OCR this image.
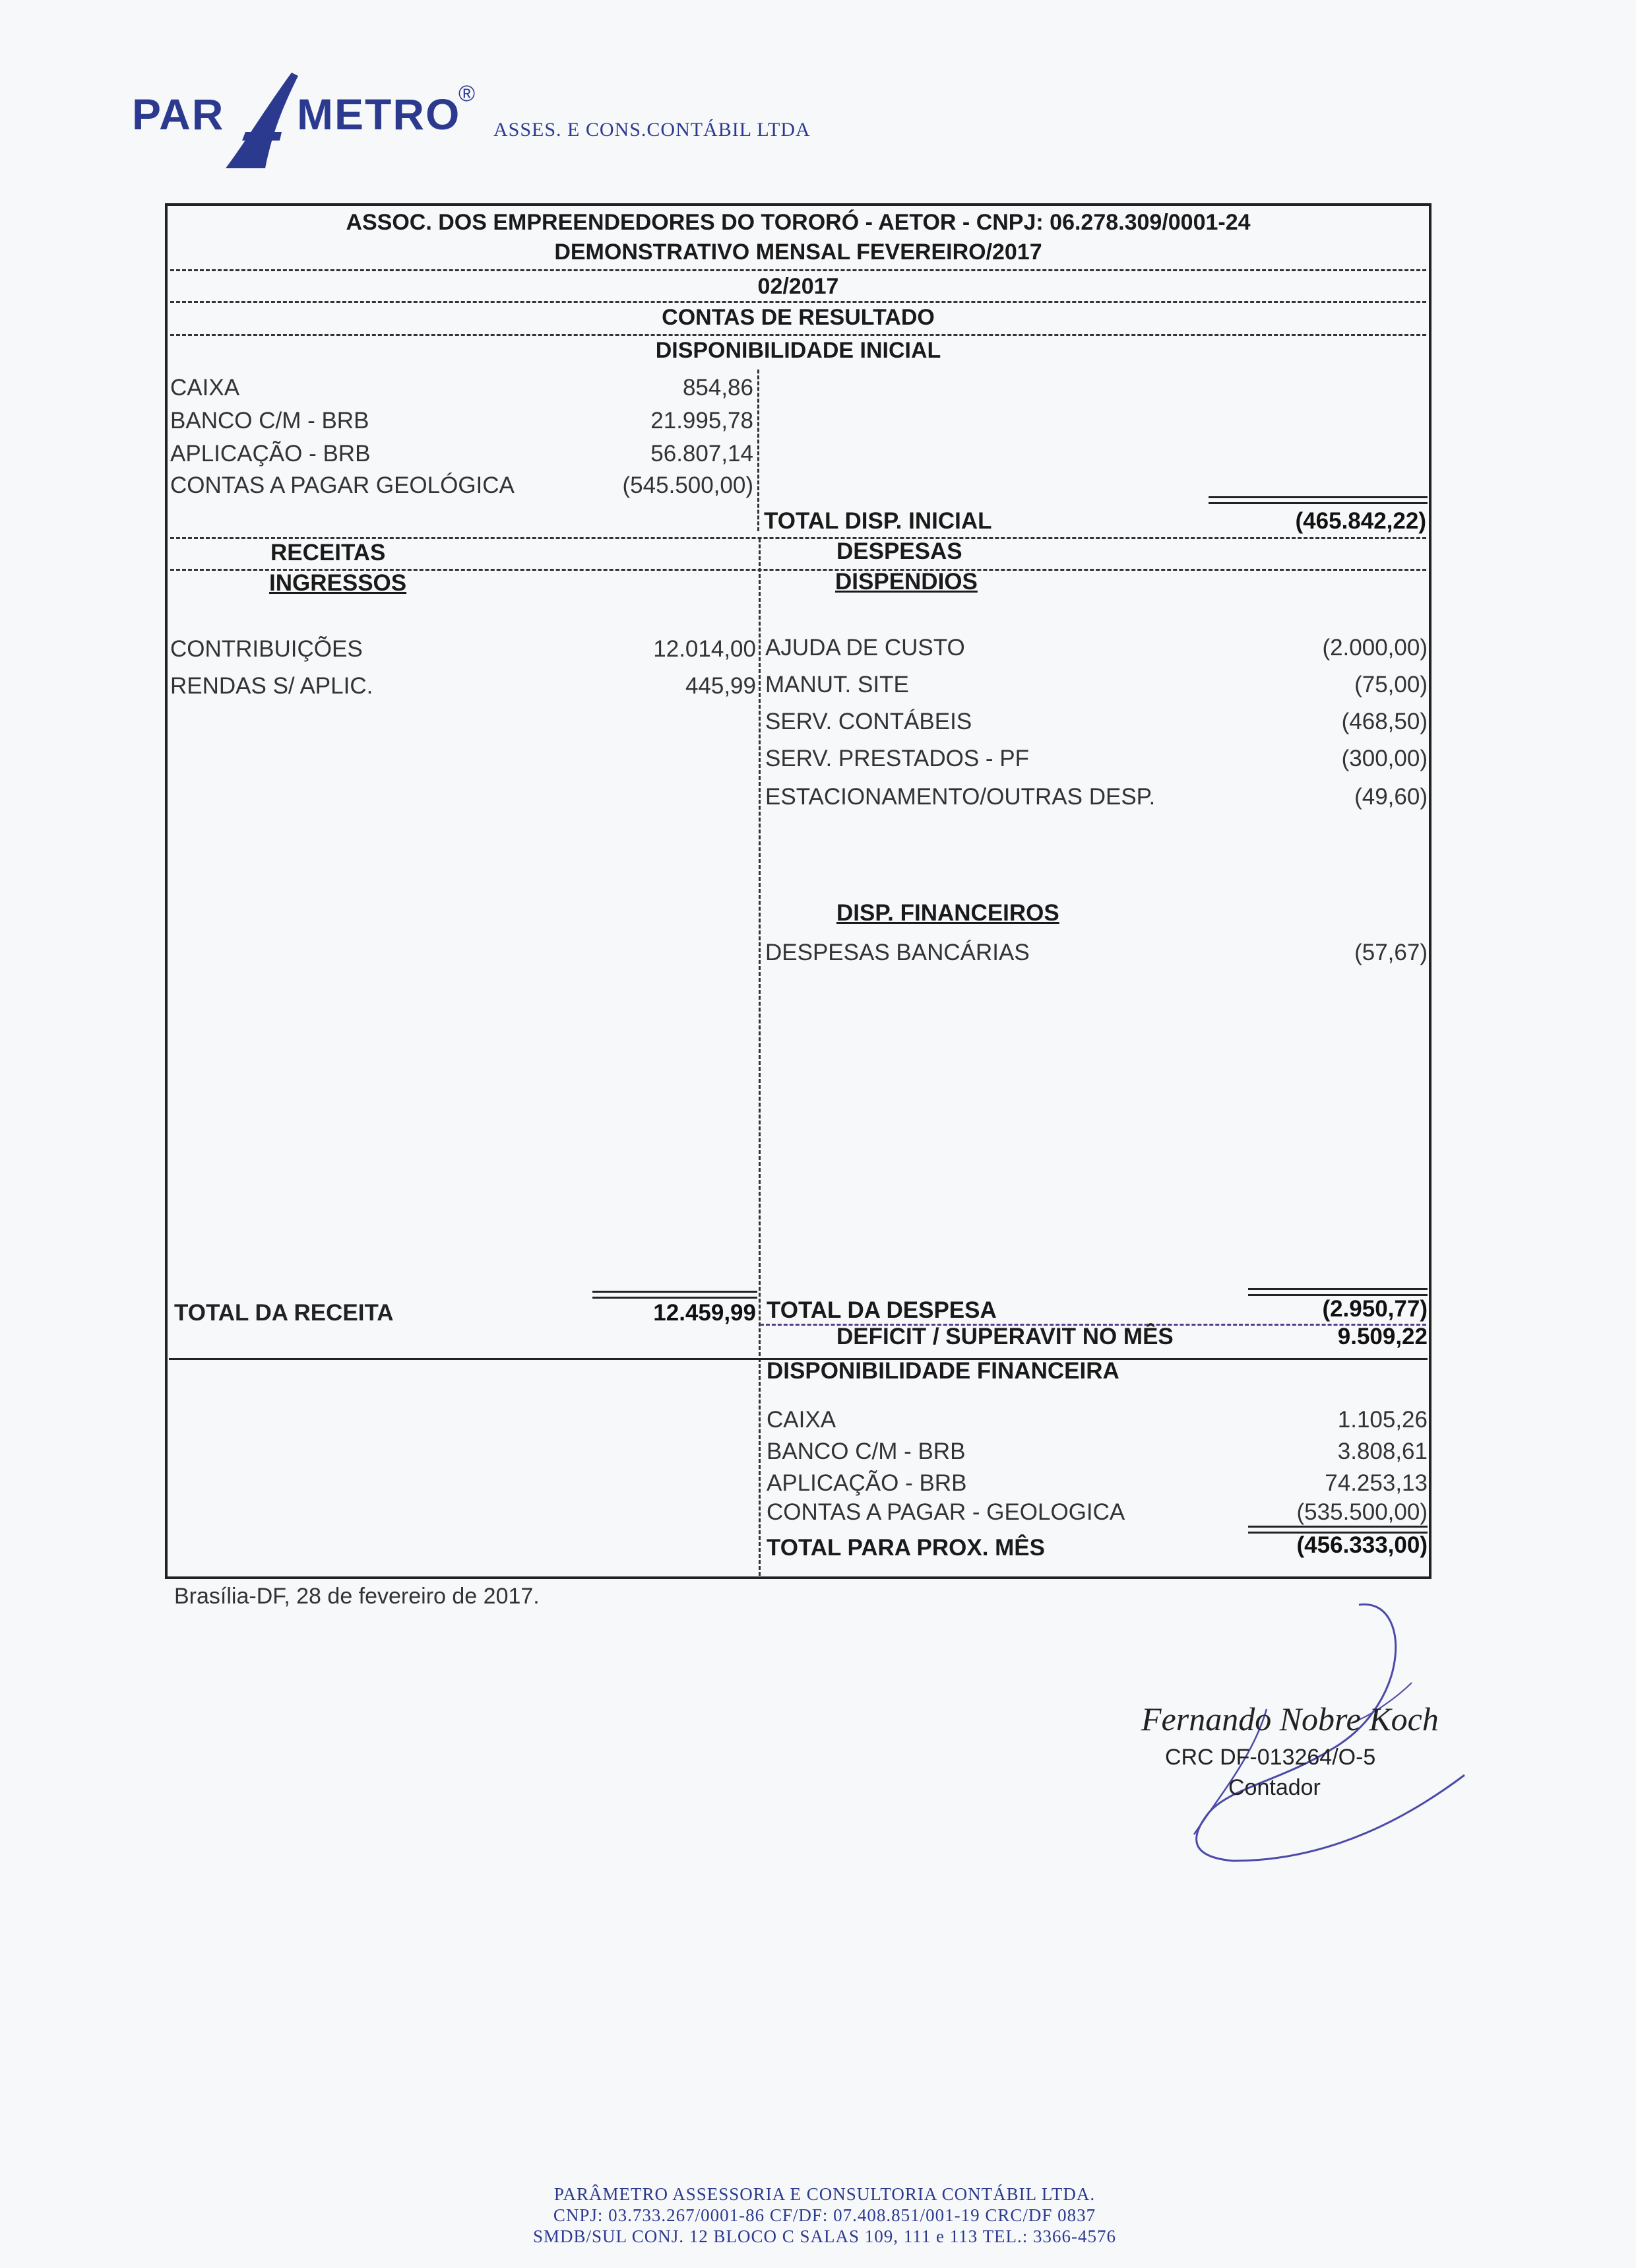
PAR METRO
®
ASSES. E CONS.CONTÁBIL LTDA
ASSOC. DOS EMPREENDEDORES DO TORORÓ - AETOR - CNPJ: 06.278.309/0001-24
DEMONSTRATIVO MENSAL FEVEREIRO/2017
02/2017
CONTAS DE RESULTADO
DISPONIBILIDADE INICIAL
CAIXA	854,86
BANCO C/M - BRB	21.995,78
APLICAÇÃO - BRB	56.807,14
CONTAS A PAGAR GEOLÓGICA	(545.500,00)
TOTAL DISP. INICIAL	(465.842,22)
RECEITAS	DESPESAS
INGRESSOS	DISPENDIOS
CONTRIBUIÇÕES	12.014,00
RENDAS S/ APLIC.	445,99
AJUDA DE CUSTO	(2.000,00)
MANUT. SITE	(75,00)
SERV. CONTÁBEIS	(468,50)
SERV. PRESTADOS - PF	(300,00)
ESTACIONAMENTO/OUTRAS DESP.	(49,60)
DISP. FINANCEIROS
DESPESAS BANCÁRIAS	(57,67)
TOTAL DA RECEITA	12.459,99 TOTAL DA DESPESA	(2.950,77)
DEFICIT / SUPERAVIT NO MÊS	9.509,22
DISPONIBILIDADE FINANCEIRA
CAIXA	1.105,26
BANCO C/M - BRB	3.808,61
APLICAÇÃO - BRB	74.253,13
CONTAS A PAGAR - GEOLOGICA	(535.500,00)
TOTAL PARA PROX. MÊS	(456.333,00)
Brasília-DF, 28 de fevereiro de 2017.
Fernando Nobre Koch
CRC DF-013264/O-5
Contador
PARÂMETRO ASSESSORIA E CONSULTORIA CONTÁBIL LTDA.
CNPJ: 03.733.267/0001-86 CF/DF: 07.408.851/001-19 CRC/DF 0837
SMDB/SUL CONJ. 12 BLOCO C SALAS 109, 111 e 113 TEL.: 3366-4576
